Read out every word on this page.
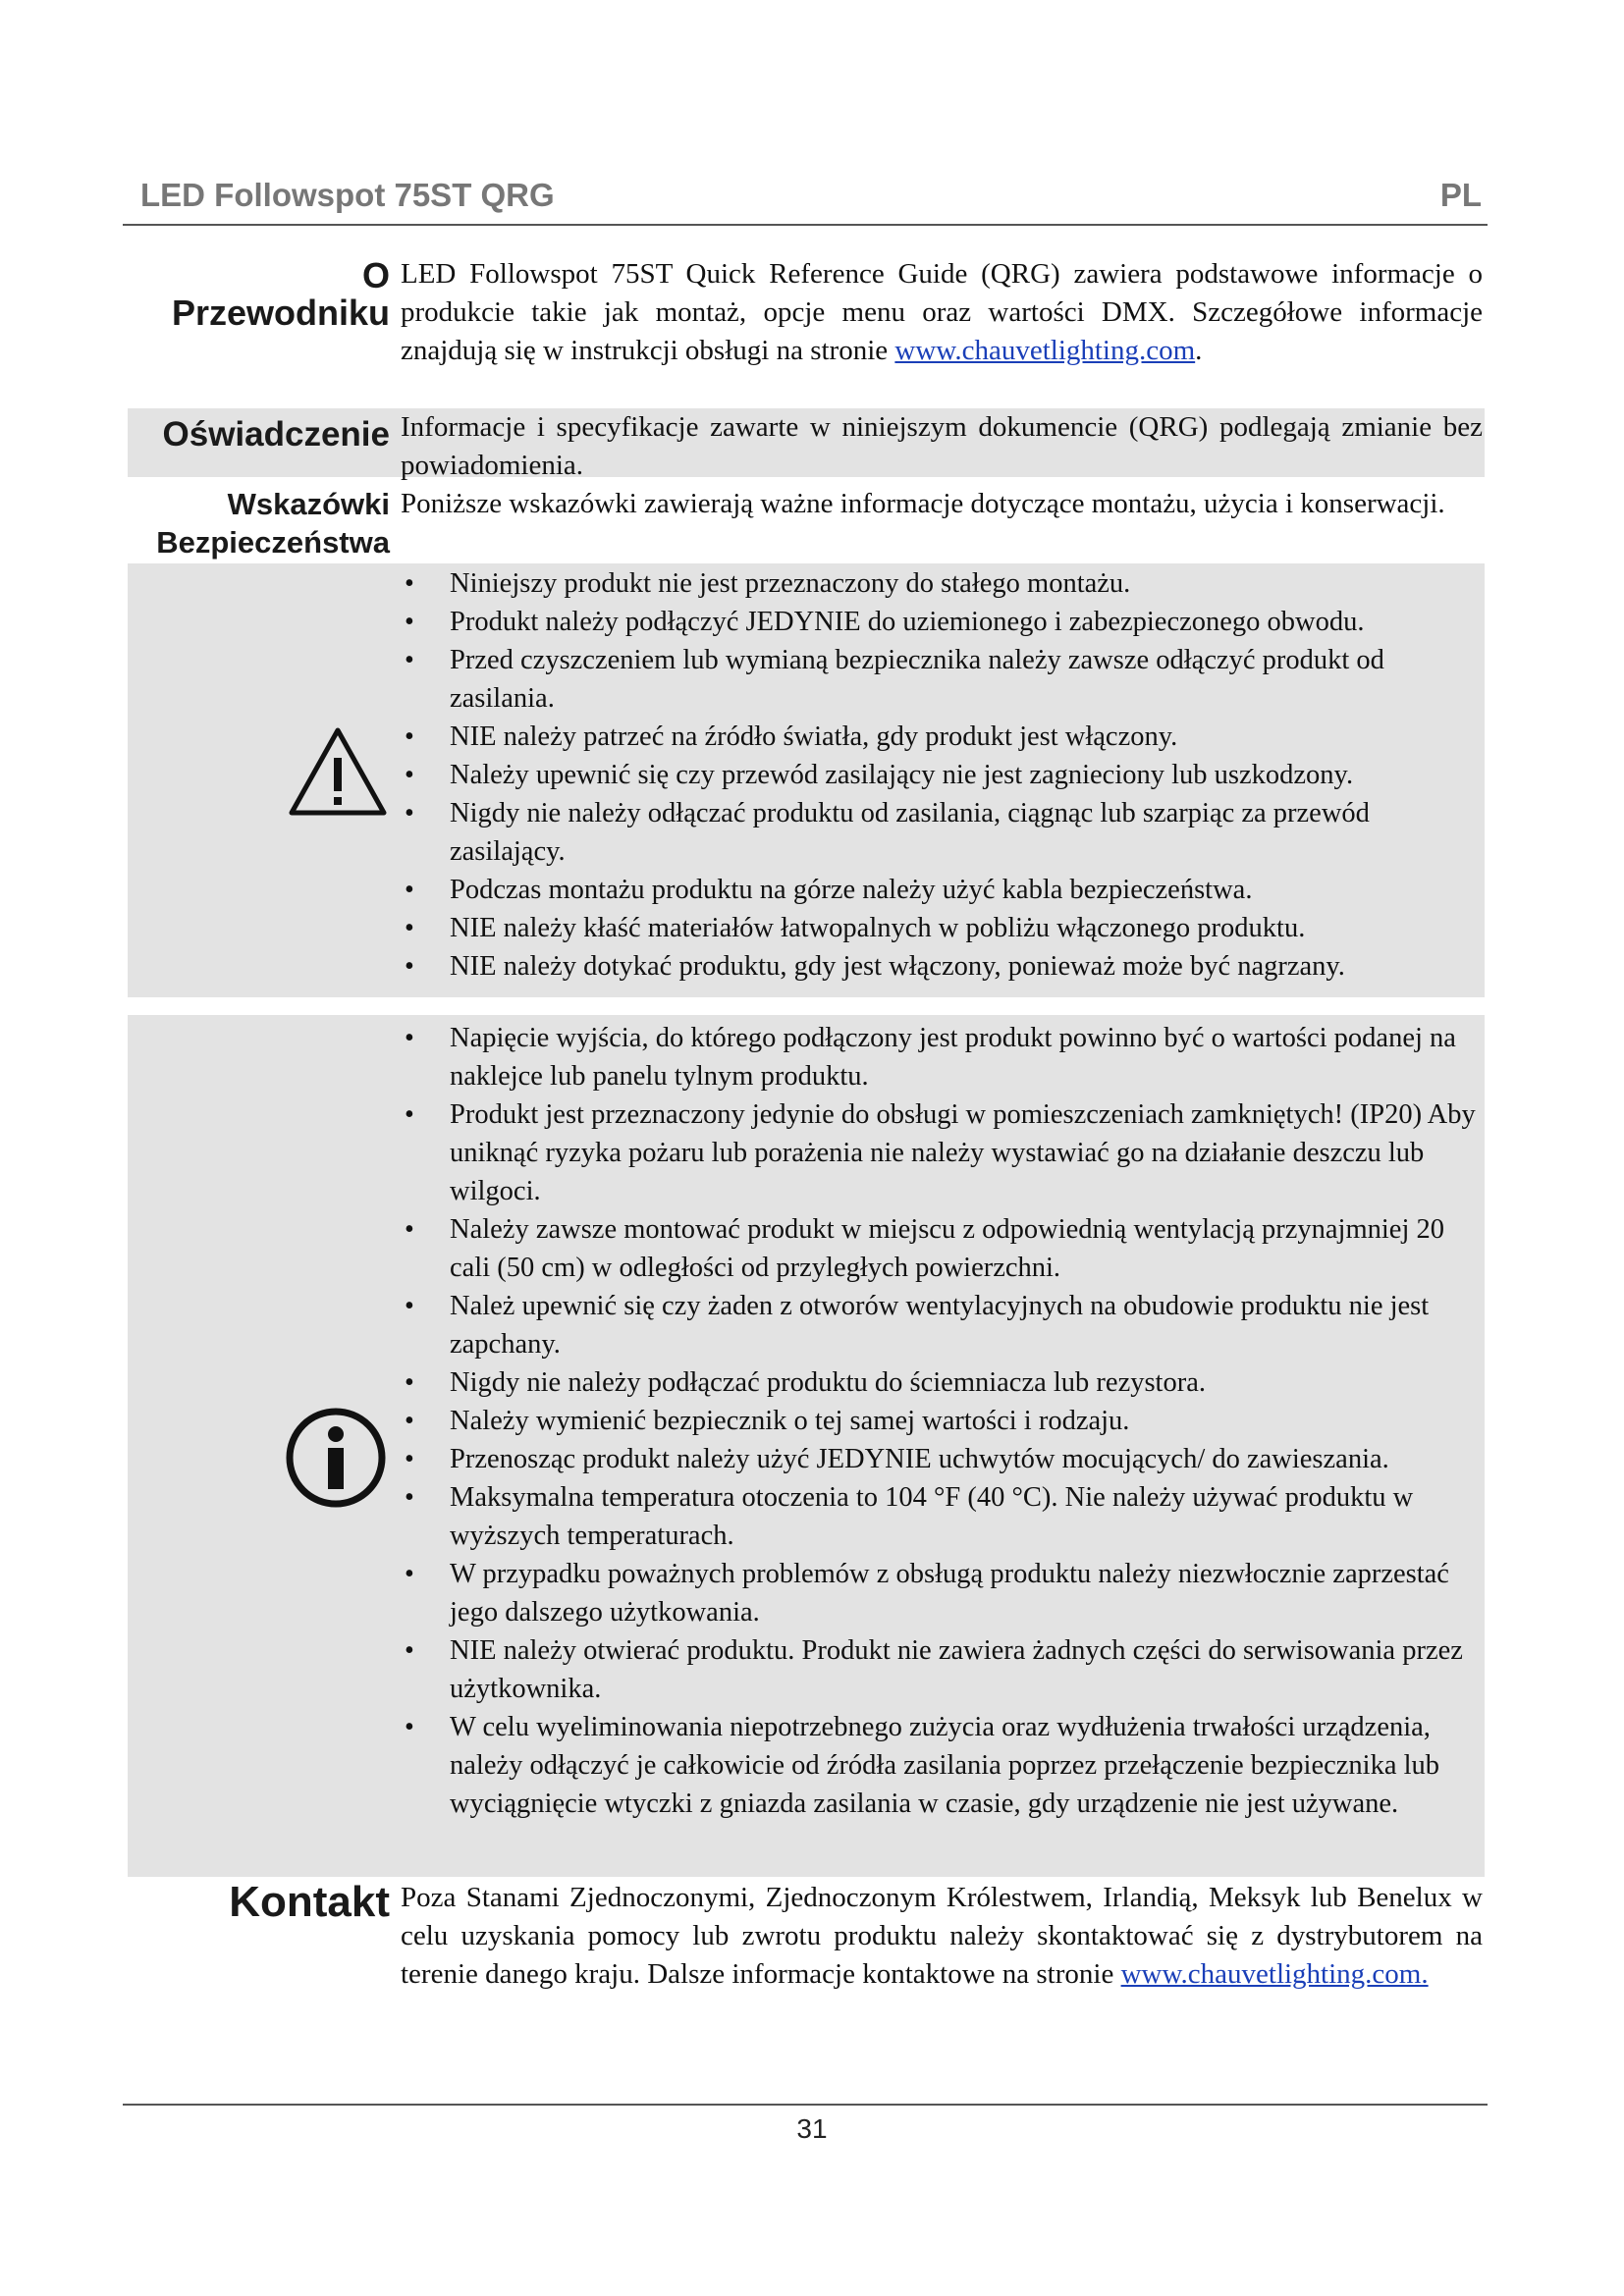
LED Followspot 75ST QRG	PL
O
Przewodniku
LED Followspot 75ST Quick Reference Guide (QRG) zawiera podstawowe informacje o produkcie takie jak montaż, opcje menu oraz wartości DMX. Szczegółowe informacje znajdują się w instrukcji obsługi na stronie www.chauvetlighting.com.
Oświadczenie Informacje i specyfikacje zawarte w niniejszym dokumencie (QRG) podlegają zmianie bez powiadomienia.
Wskazówki
Bezpieczeństwa
Poniższe wskazówki zawierają ważne informacje dotyczące montażu, użycia i konserwacji.
• Niniejszy produkt nie jest przeznaczony do stałego montażu.
• Produkt należy podłączyć JEDYNIE do uziemionego i zabezpieczonego obwodu.
• Przed czyszczeniem lub wymianą bezpiecznika należy zawsze odłączyć produkt od zasilania.
• NIE należy patrzeć na źródło światła, gdy produkt jest włączony.
• Należy upewnić się czy przewód zasilający nie jest zagnieciony lub uszkodzony.
• Nigdy nie należy odłączać produktu od zasilania, ciągnąc lub szarpiąc za przewód zasilający.
• Podczas montażu produktu na górze należy użyć kabla bezpieczeństwa.
• NIE należy kłaść materiałów łatwopalnych w pobliżu włączonego produktu.
• NIE należy dotykać produktu, gdy jest włączony, ponieważ może być nagrzany.
• Napięcie wyjścia, do którego podłączony jest produkt powinno być o wartości podanej na naklejce lub panelu tylnym produktu.
• Produkt jest przeznaczony jedynie do obsługi w pomieszczeniach zamkniętych! (IP20) Aby uniknąć ryzyka pożaru lub porażenia nie należy wystawiać go na działanie deszczu lub wilgoci.
• Należy zawsze montować produkt w miejscu z odpowiednią wentylacją przynajmniej 20 cali (50 cm) w odległości od przyległych powierzchni.
• Należ upewnić się czy żaden z otworów wentylacyjnych na obudowie produktu nie jest zapchany.
• Nigdy nie należy podłączać produktu do ściemniacza lub rezystora.
• Należy wymienić bezpiecznik o tej samej wartości i rodzaju.
• Przenosząc produkt należy użyć JEDYNIE uchwytów mocujących/ do zawieszania.
• Maksymalna temperatura otoczenia to 104 °F (40 °C). Nie należy używać produktu w wyższych temperaturach.
• W przypadku poważnych problemów z obsługą produktu należy niezwłocznie zaprzestać jego dalszego użytkowania.
• NIE należy otwierać produktu. Produkt nie zawiera żadnych części do serwisowania przez użytkownika.
• W celu wyeliminowania niepotrzebnego zużycia oraz wydłużenia trwałości urządzenia, należy odłączyć je całkowicie od źródła zasilania poprzez przełączenie bezpiecznika lub wyciągnięcie wtyczki z gniazda zasilania w czasie, gdy urządzenie nie jest używane.
Kontakt Poza Stanami Zjednoczonymi, Zjednoczonym Królestwem, Irlandią, Meksyk lub Benelux w celu uzyskania pomocy lub zwrotu produktu należy skontaktować się z dystrybutorem na terenie danego kraju. Dalsze informacje kontaktowe na stronie www.chauvetlighting.com.
31
